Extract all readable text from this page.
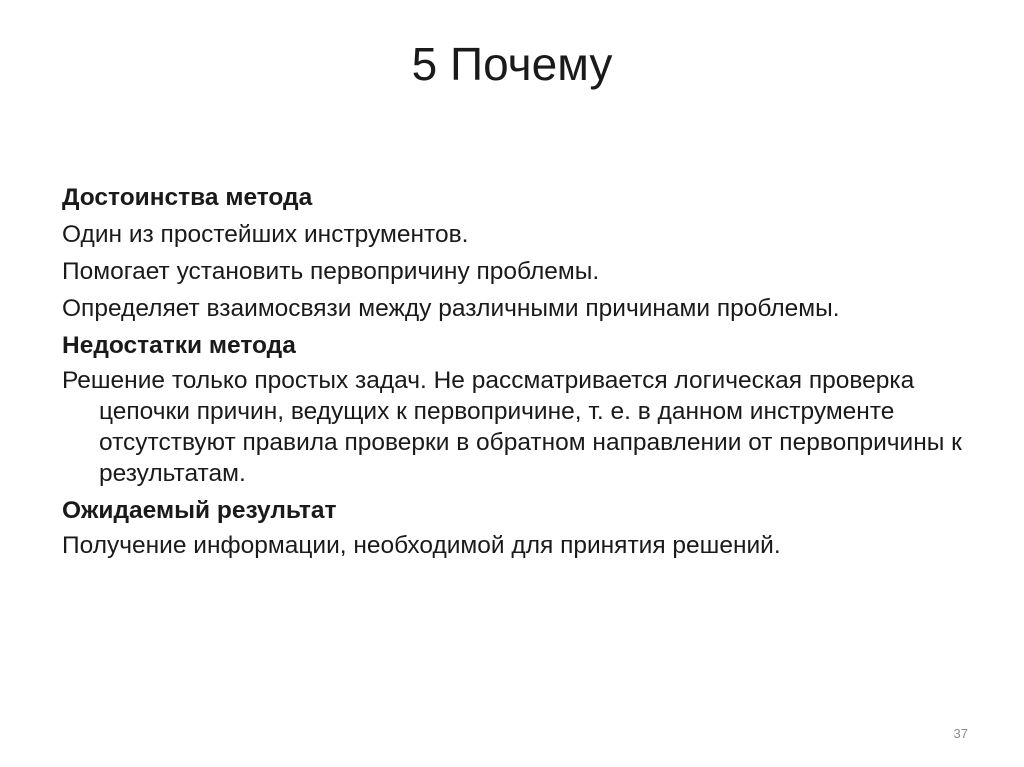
5 Почему

Достоинства метода

Один из простейших инструментов.

Помогает установить первопричину проблемы.

Определяет взаимосвязи между различными причинами проблемы.

Недостатки метода

Решение только простых задач. Не рассматривается логическая проверка цепочки причин, ведущих к первопричине, т. е. в данном инструменте отсутствуют правила проверки в обратном направлении от первопричины к результатам.

Ожидаемый результат

Получение информации, необходимой для принятия решений.

37
